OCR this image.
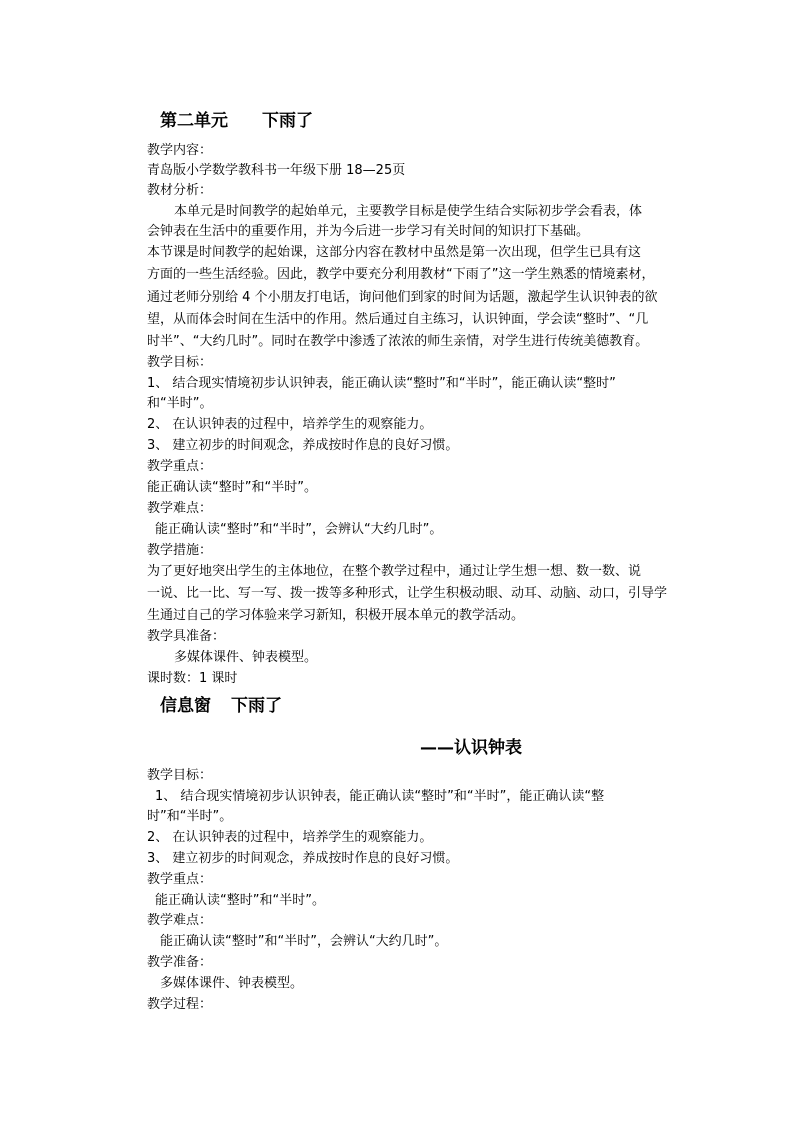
第二单元 下雨了
教学内容：
青岛版小学数学教科书一年级下册 18—25页
教材分析：
本单元是时间教学的起始单元，主要教学目标是使学生结合实际初步学会看表，体
会钟表在生活中的重要作用，并为今后进一步学习有关时间的知识打下基础。
本节课是时间教学的起始课，这部分内容在教材中虽然是第一次出现，但学生已具有这
方面的一些生活经验。因此，教学中要充分利用教材“下雨了”这一学生熟悉的情境素材，
通过老师分别给 4 个小朋友打电话，询问他们到家的时间为话题，激起学生认识钟表的欲
望，从而体会时间在生活中的作用。然后通过自主练习，认识钟面，学会读“整时”、“几
时半”、“大约几时”。同时在教学中渗透了浓浓的师生亲情，对学生进行传统美德教育。
教学目标：
1、 结合现实情境初步认识钟表，能正确认读“整时”和“半时”，能正确认读“整时”
和“半时”。
2、 在认识钟表的过程中，培养学生的观察能力。
3、 建立初步的时间观念，养成按时作息的良好习惯。
教学重点：
能正确认读“整时”和“半时”。
教学难点：
能正确认读“整时”和“半时”，会辨认“大约几时”。
教学措施：
为了更好地突出学生的主体地位，在整个教学过程中，通过让学生想一想、数一数、说
一说、比一比、写一写、拨一拨等多种形式，让学生积极动眼、动耳、动脑、动口，引导学
生通过自己的学习体验来学习新知，积极开展本单元的教学活动。
教学具准备：
多媒体课件、钟表模型。
课时数：1 课时
信息窗 下雨了
——认识钟表
教学目标：
1、 结合现实情境初步认识钟表，能正确认读“整时”和“半时”，能正确认读“整
时”和“半时”。
2、 在认识钟表的过程中，培养学生的观察能力。
3、 建立初步的时间观念，养成按时作息的良好习惯。
教学重点：
能正确认读“整时”和“半时”。
教学难点：
能正确认读“整时”和“半时”，会辨认“大约几时”。
教学准备：
多媒体课件、钟表模型。
教学过程：
